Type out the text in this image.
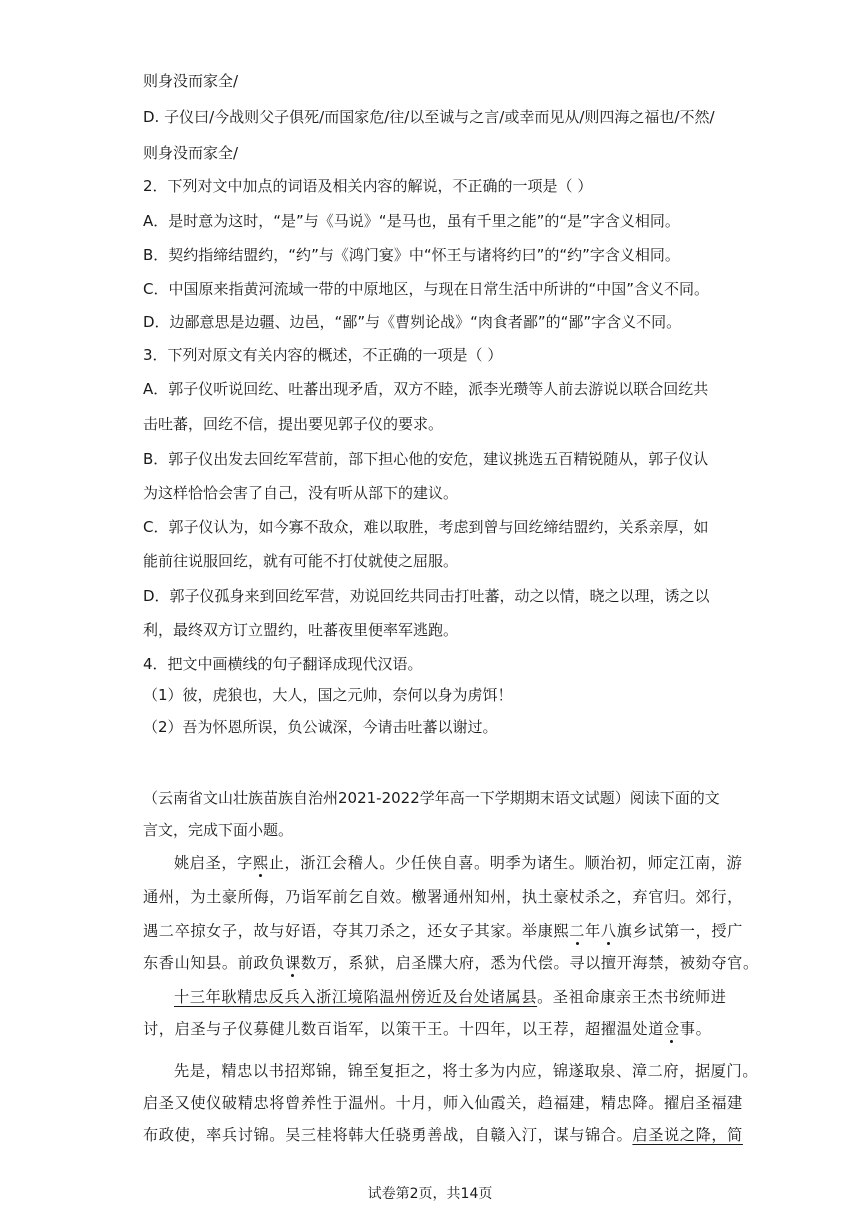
则身没而家全/

D. 子仪曰/今战则父子俱死/而国家危/往/以至诚与之言/或幸而见从/则四海之福也/不然/

则身没而家全/

2．下列对文中加点的词语及相关内容的解说，不正确的一项是（ ）

A．是时意为这时，“是”与《马说》“是马也，虽有千里之能”的“是”字含义相同。

B．契约指缔结盟约，“约”与《鸿门宴》中“怀王与诸将约曰”的“约”字含义相同。

C．中国原来指黄河流域一带的中原地区，与现在日常生活中所讲的“中国”含义不同。

D．边鄙意思是边疆、边邑，“鄙”与《曹刿论战》“肉食者鄙”的“鄙”字含义不同。

3．下列对原文有关内容的概述，不正确的一项是（ ）

A．郭子仪听说回纥、吐蕃出现矛盾，双方不睦，派李光瓒等人前去游说以联合回纥共

击吐蕃，回纥不信，提出要见郭子仪的要求。

B．郭子仪出发去回纥军营前，部下担心他的安危，建议挑选五百精锐随从，郭子仪认

为这样恰恰会害了自己，没有听从部下的建议。

C．郭子仪认为，如今寡不敌众，难以取胜，考虑到曾与回纥缔结盟约，关系亲厚，如

能前往说服回纥，就有可能不打仗就使之屈服。

D．郭子仪孤身来到回纥军营，劝说回纥共同击打吐蕃，动之以情，晓之以理，诱之以

利，最终双方订立盟约，吐蕃夜里便率军逃跑。

4．把文中画横线的句子翻译成现代汉语。

（1）彼，虎狼也，大人，国之元帅，奈何以身为虏饵！

（2）吾为怀恩所误，负公诚深，今请击吐蕃以谢过。

（云南省文山壮族苗族自治州2021-2022学年高一下学期期末语文试题）阅读下面的文

言文，完成下面小题。

姚启圣，字熙止，浙江会稽人。少任侠自喜。明季为诸生。顺治初，师定江南，游

通州，为土豪所侮，乃诣军前乞自效。檄署通州知州，执土豪杖杀之，弃官归。郊行，

遇二卒掠女子，故与好语，夺其刀杀之，还女子其家。举康熙二年八旗乡试第一，授广

东香山知县。前政负课数万，系狱，启圣牒大府，悉为代偿。寻以擅开海禁，被劾夺官。

十三年耿精忠反兵入浙江境陷温州傍近及台处诸属县。圣祖命康亲王杰书统师进

讨，启圣与子仪募健儿数百诣军，以策干王。十四年，以王荐，超擢温处道佥事。

先是，精忠以书招郑锦，锦至复拒之，将士多为内应，锦遂取泉、漳二府，据厦门。

启圣又使仪破精忠将曾养性于温州。十月，师入仙霞关，趋福建，精忠降。擢启圣福建

布政使，率兵讨锦。吴三桂将韩大任骁勇善战，自赣入汀，谋与锦合。启圣说之降，简

试卷第2页，共14页
